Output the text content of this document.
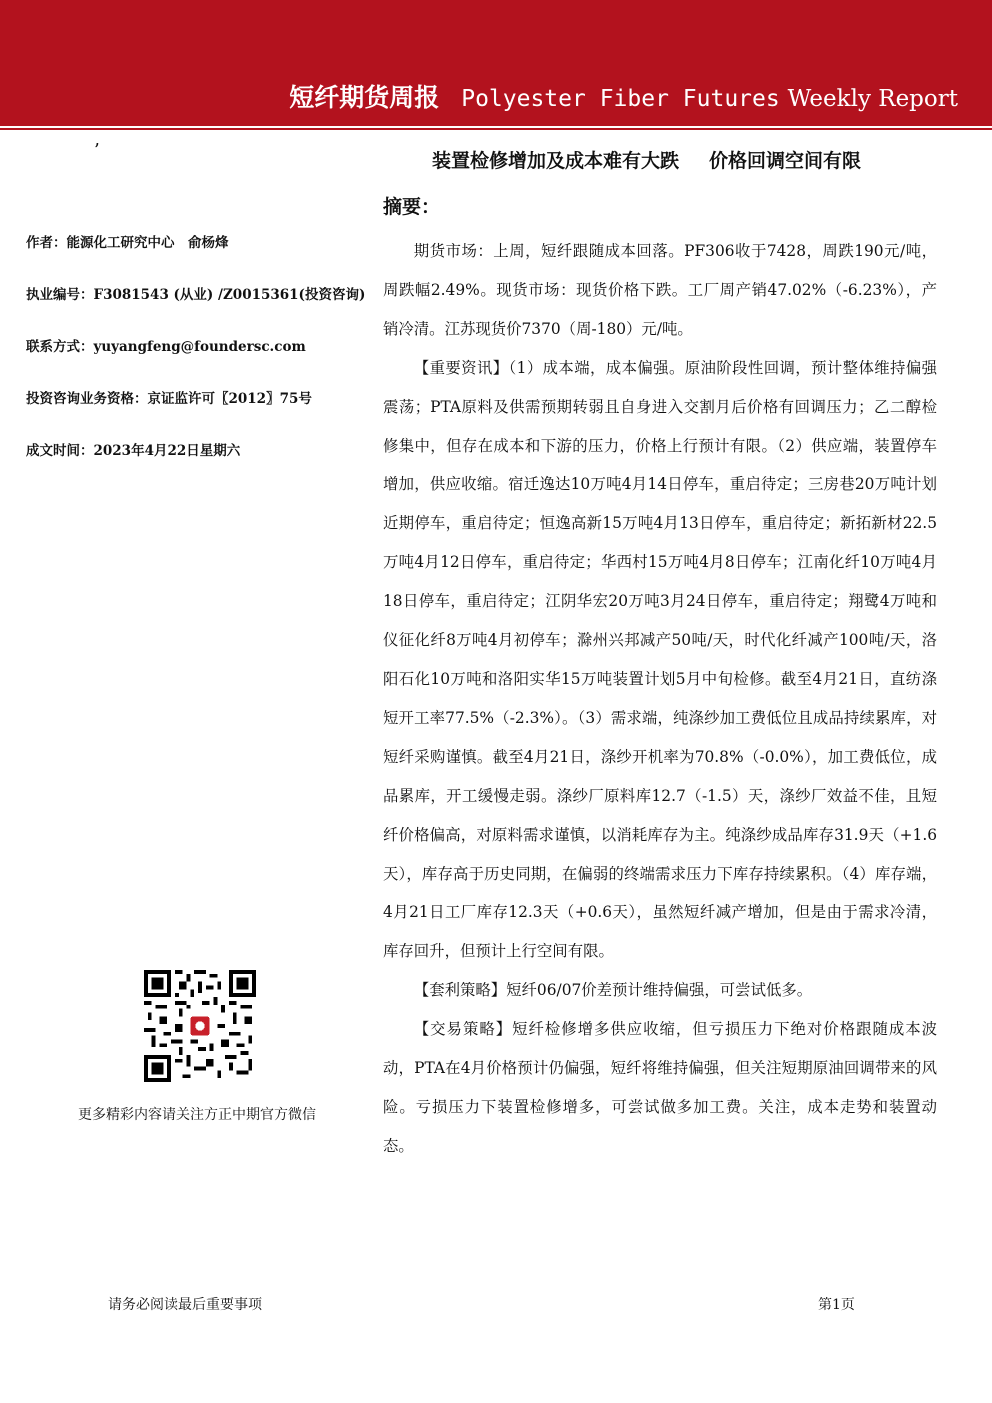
短纤期货周报 Polyester Fiber Futures Weekly Report
’	装置检修增加及成本难有大跌 价格回调空间有限
摘要：
作者：能源化工研究中心　俞杨烽
执业编号：F3081543 (从业) /Z0015361(投资咨询)
联系方式：yuyangfeng@foundersc.com
投资咨询业务资格：京证监许可〖2012〗75号
成文时间：2023年4月22日星期六
更多精彩内容请关注方正中期官方微信

期货市场：上周，短纤跟随成本回落。PF306收于7428，周跌190元/吨，周跌幅2.49%。现货市场：现货价格下跌。工厂周产销47.02%（-6.23%），产销冷清。江苏现货价7370（周-180）元/吨。

【重要资讯】（1）成本端，成本偏强。原油阶段性回调，预计整体维持偏强震荡；PTA原料及供需预期转弱且自身进入交割月后价格有回调压力；乙二醇检修集中，但存在成本和下游的压力，价格上行预计有限。（2）供应端，装置停车增加，供应收缩。宿迁逸达10万吨4月14日停车，重启待定；三房巷20万吨计划近期停车，重启待定；恒逸高新15万吨4月13日停车，重启待定；新拓新材22.5万吨4月12日停车，重启待定；华西村15万吨4月8日停车；江南化纤10万吨4月18日停车，重启待定；江阴华宏20万吨3月24日停车，重启待定；翔鹭4万吨和仪征化纤8万吨4月初停车；滁州兴邦减产50吨/天，时代化纤减产100吨/天，洛阳石化10万吨和洛阳实华15万吨装置计划5月中旬检修。截至4月21日，直纺涤短开工率77.5%（-2.3%）。（3）需求端，纯涤纱加工费低位且成品持续累库，对短纤采购谨慎。截至4月21日，涤纱开机率为70.8%（-0.0%），加工费低位，成品累库，开工缓慢走弱。涤纱厂原料库12.7（-1.5）天，涤纱厂效益不佳，且短纤价格偏高，对原料需求谨慎，以消耗库存为主。纯涤纱成品库存31.9天（+1.6天），库存高于历史同期，在偏弱的终端需求压力下库存持续累积。（4）库存端，4月21日工厂库存12.3天（+0.6天），虽然短纤减产增加，但是由于需求冷清，库存回升，但预计上行空间有限。

【套利策略】短纤06/07价差预计维持偏强，可尝试低多。

【交易策略】短纤检修增多供应收缩，但亏损压力下绝对价格跟随成本波动，PTA在4月价格预计仍偏强，短纤将维持偏强，但关注短期原油回调带来的风险。亏损压力下装置检修增多，可尝试做多加工费。关注，成本走势和装置动态。

请务必阅读最后重要事项	第1页
